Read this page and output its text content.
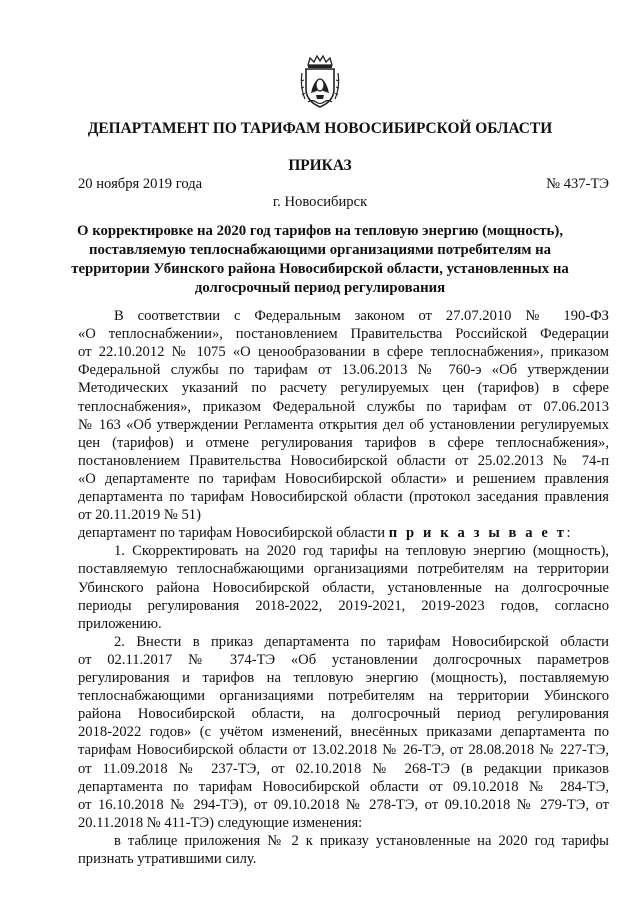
ДЕПАРТАМЕНТ ПО ТАРИФАМ НОВОСИБИРСКОЙ ОБЛАСТИ
ПРИКАЗ
20 ноября 2019 года	№ 437-ТЭ
г. Новосибирск
О корректировке на 2020 год тарифов на тепловую энергию (мощность),
поставляемую теплоснабжающими организациями потребителям на
территории Убинского района Новосибирской области, установленных на
долгосрочный период регулирования
В соответствии с Федеральным законом от 27.07.2010 № 190-ФЗ
«О теплоснабжении», постановлением Правительства Российской Федерации
от 22.10.2012 № 1075 «О ценообразовании в сфере теплоснабжения», приказом
Федеральной службы по тарифам от 13.06.2013 № 760-э «Об утверждении
Методических указаний по расчету регулируемых цен (тарифов) в сфере
теплоснабжения», приказом Федеральной службы по тарифам от 07.06.2013
№ 163 «Об утверждении Регламента открытия дел об установлении регулируемых
цен (тарифов) и отмене регулирования тарифов в сфере теплоснабжения»,
постановлением Правительства Новосибирской области от 25.02.2013 № 74-п
«О департаменте по тарифам Новосибирской области» и решением правления
департамента по тарифам Новосибирской области (протокол заседания правления
от 20.11.2019 № 51)
департамент по тарифам Новосибирской области п р и к а з ы в а е т:
1. Скорректировать на 2020 год тарифы на тепловую энергию (мощность),
поставляемую теплоснабжающими организациями потребителям на территории
Убинского района Новосибирской области, установленные на долгосрочные
периоды регулирования 2018-2022, 2019-2021, 2019-2023 годов, согласно
приложению.
2. Внести в приказ департамента по тарифам Новосибирской области
от 02.11.2017 № 374-ТЭ «Об установлении долгосрочных параметров
регулирования и тарифов на тепловую энергию (мощность), поставляемую
теплоснабжающими организациями потребителям на территории Убинского
района Новосибирской области, на долгосрочный период регулирования
2018-2022 годов» (с учётом изменений, внесённых приказами департамента по
тарифам Новосибирской области от 13.02.2018 № 26-ТЭ, от 28.08.2018 № 227-ТЭ,
от 11.09.2018 № 237-ТЭ, от 02.10.2018 № 268-ТЭ (в редакции приказов
департамента по тарифам Новосибирской области от 09.10.2018 № 284-ТЭ,
от 16.10.2018 № 294-ТЭ), от 09.10.2018 № 278-ТЭ, от 09.10.2018 № 279-ТЭ, от
20.11.2018 № 411-ТЭ) следующие изменения:
в таблице приложения № 2 к приказу установленные на 2020 год тарифы
признать утратившими силу.
